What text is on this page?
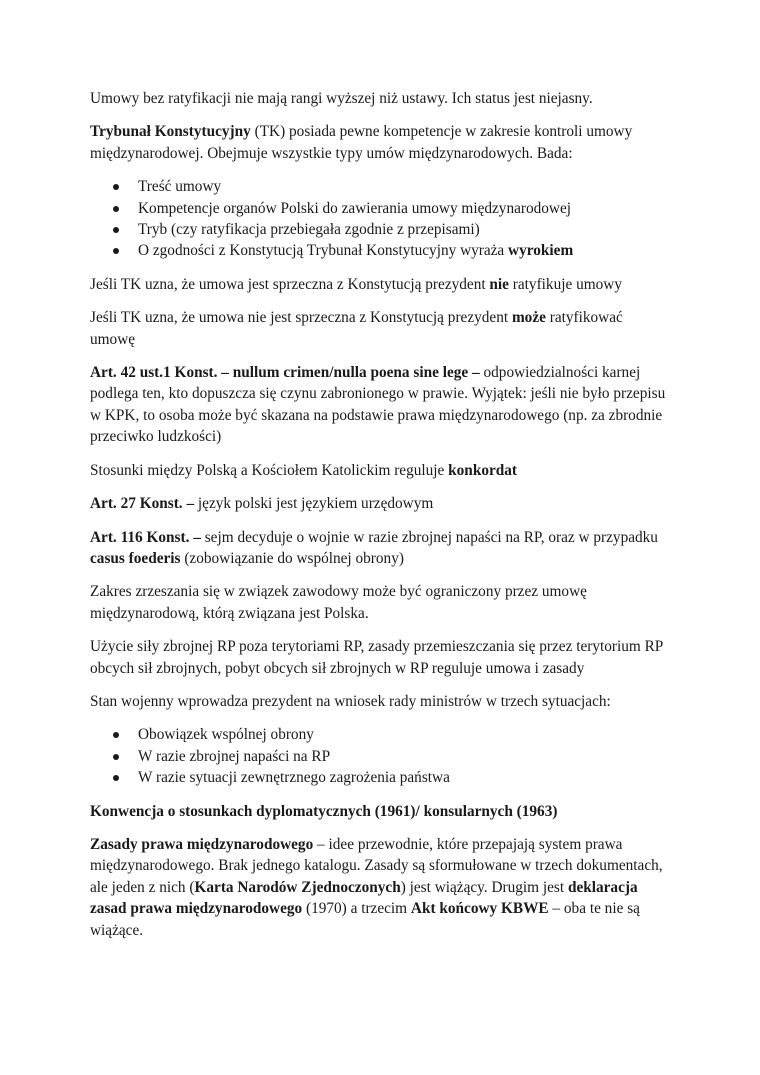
Umowy bez ratyfikacji nie mają rangi wyższej niż ustawy. Ich status jest niejasny.

Trybunał Konstytucyjny (TK) posiada pewne kompetencje w zakresie kontroli umowy międzynarodowej. Obejmuje wszystkie typy umów międzynarodowych. Bada:

Treść umowy
Kompetencje organów Polski do zawierania umowy międzynarodowej
Tryb (czy ratyfikacja przebiegała zgodnie z przepisami)
O zgodności z Konstytucją Trybunał Konstytucyjny wyraża wyrokiem

Jeśli TK uzna, że umowa jest sprzeczna z Konstytucją prezydent nie ratyfikuje umowy

Jeśli TK uzna, że umowa nie jest sprzeczna z Konstytucją prezydent może ratyfikować umowę

Art. 42 ust.1 Konst. – nullum crimen/nulla poena sine lege – odpowiedzialności karnej podlega ten, kto dopuszcza się czynu zabronionego w prawie. Wyjątek: jeśli nie było przepisu w KPK, to osoba może być skazana na podstawie prawa międzynarodowego (np. za zbrodnie przeciwko ludzkości)

Stosunki między Polską a Kościołem Katolickim reguluje konkordat

Art. 27 Konst. – język polski jest językiem urzędowym

Art. 116 Konst. – sejm decyduje o wojnie w razie zbrojnej napaści na RP, oraz w przypadku casus foederis (zobowiązanie do wspólnej obrony)

Zakres zrzeszania się w związek zawodowy może być ograniczony przez umowę międzynarodową, którą związana jest Polska.

Użycie siły zbrojnej RP poza terytoriami RP, zasady przemieszczania się przez terytorium RP obcych sił zbrojnych, pobyt obcych sił zbrojnych w RP reguluje umowa i zasady

Stan wojenny wprowadza prezydent na wniosek rady ministrów w trzech sytuacjach:

Obowiązek wspólnej obrony
W razie zbrojnej napaści na RP
W razie sytuacji zewnętrznego zagrożenia państwa

Konwencja o stosunkach dyplomatycznych (1961)/ konsularnych (1963)

Zasady prawa międzynarodowego – idee przewodnie, które przepajają system prawa międzynarodowego. Brak jednego katalogu. Zasady są sformułowane w trzech dokumentach, ale jeden z nich (Karta Narodów Zjednoczonych) jest wiążący. Drugim jest deklaracja zasad prawa międzynarodowego (1970) a trzecim Akt końcowy KBWE – oba te nie są wiążące.
